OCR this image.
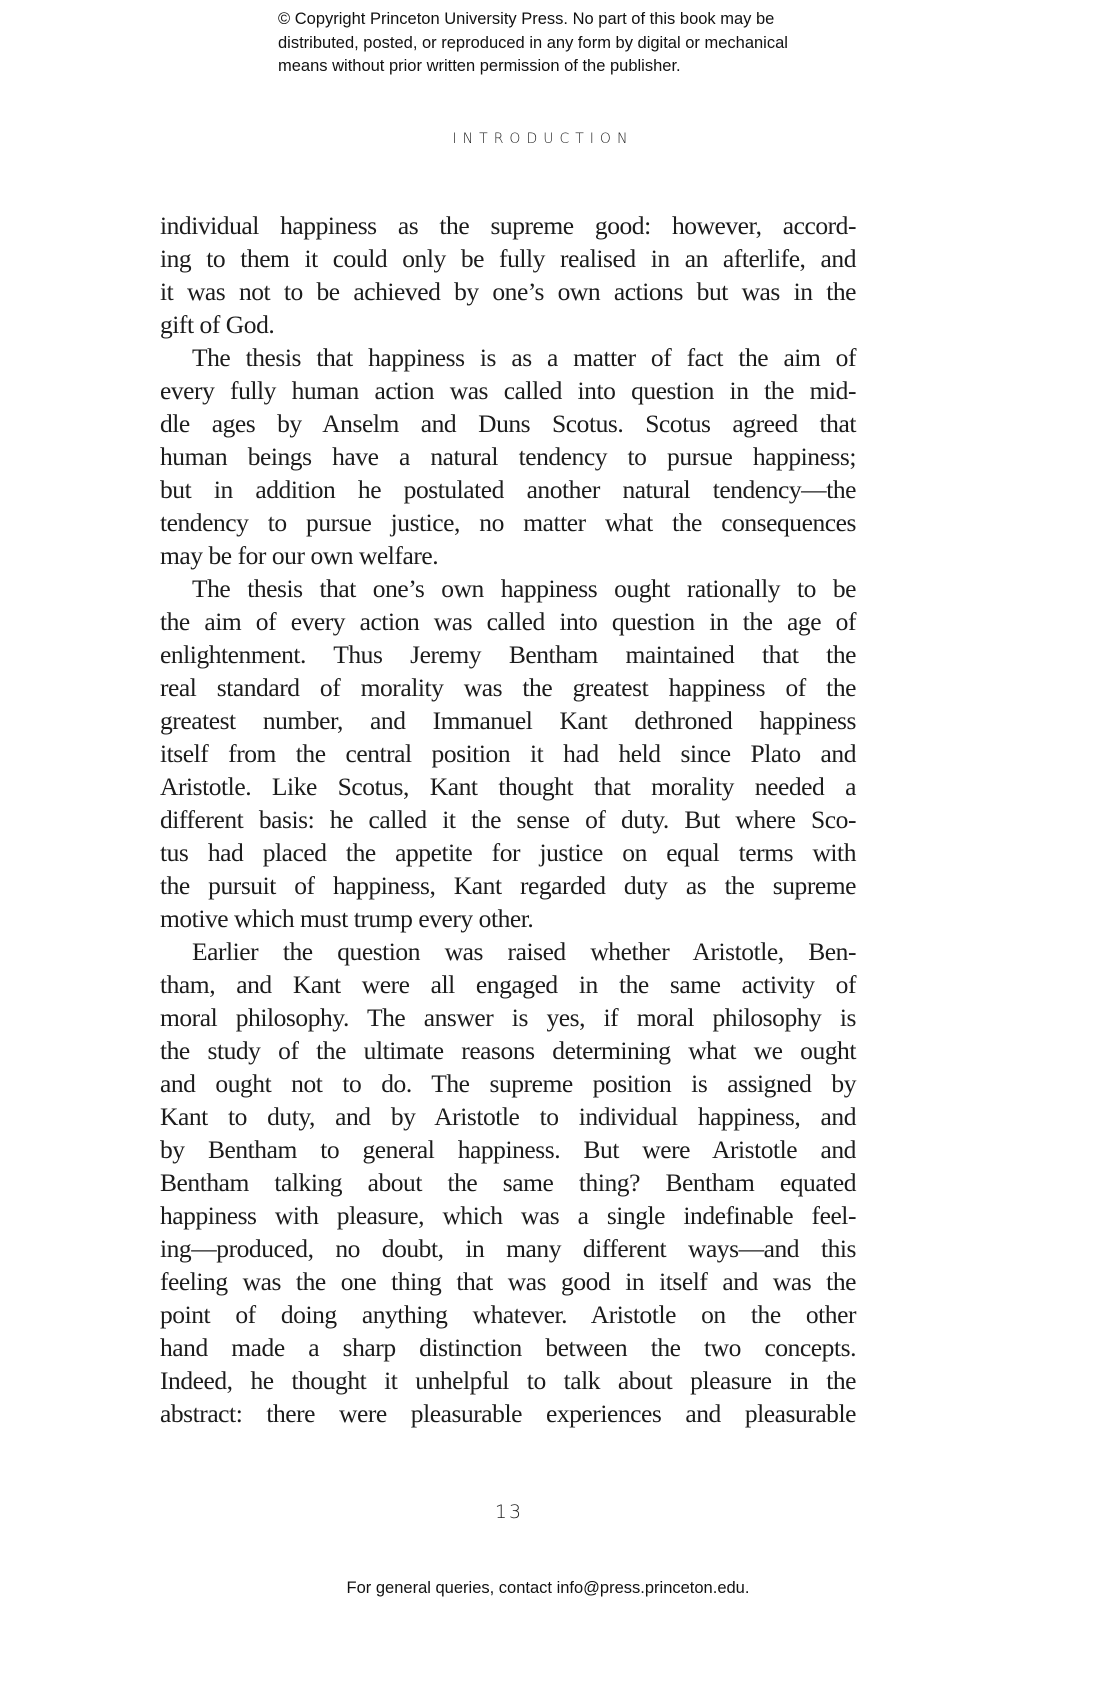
© Copyright Princeton University Press. No part of this book may be
distributed, posted, or reproduced in any form by digital or mechanical
means without prior written permission of the publisher.
INTRODUCTION
individual happiness as the supreme good: however, accord-
ing to them it could only be fully realised in an afterlife, and
it was not to be achieved by one’s own actions but was in the
gift of God.
The thesis that happiness is as a matter of fact the aim of
every fully human action was called into question in the mid-
dle ages by Anselm and Duns Scotus. Scotus agreed that
human beings have a natural tendency to pursue happiness;
but in addition he postulated another natural tendency—the
tendency to pursue justice, no matter what the consequences
may be for our own welfare.
The thesis that one’s own happiness ought rationally to be
the aim of every action was called into question in the age of
enlightenment. Thus Jeremy Bentham maintained that the
real standard of morality was the greatest happiness of the
greatest number, and Immanuel Kant dethroned happiness
itself from the central position it had held since Plato and
Aristotle. Like Scotus, Kant thought that morality needed a
different basis: he called it the sense of duty. But where Sco-
tus had placed the appetite for justice on equal terms with
the pursuit of happiness, Kant regarded duty as the supreme
motive which must trump every other.
Earlier the question was raised whether Aristotle, Ben-
tham, and Kant were all engaged in the same activity of
moral philosophy. The answer is yes, if moral philosophy is
the study of the ultimate reasons determining what we ought
and ought not to do. The supreme position is assigned by
Kant to duty, and by Aristotle to individual happiness, and
by Bentham to general happiness. But were Aristotle and
Bentham talking about the same thing? Bentham equated
happiness with pleasure, which was a single indefinable feel-
ing—produced, no doubt, in many different ways—and this
feeling was the one thing that was good in itself and was the
point of doing anything whatever. Aristotle on the other
hand made a sharp distinction between the two concepts.
Indeed, he thought it unhelpful to talk about pleasure in the
abstract: there were pleasurable experiences and pleasurable
13
For general queries, contact info@press.princeton.edu.
